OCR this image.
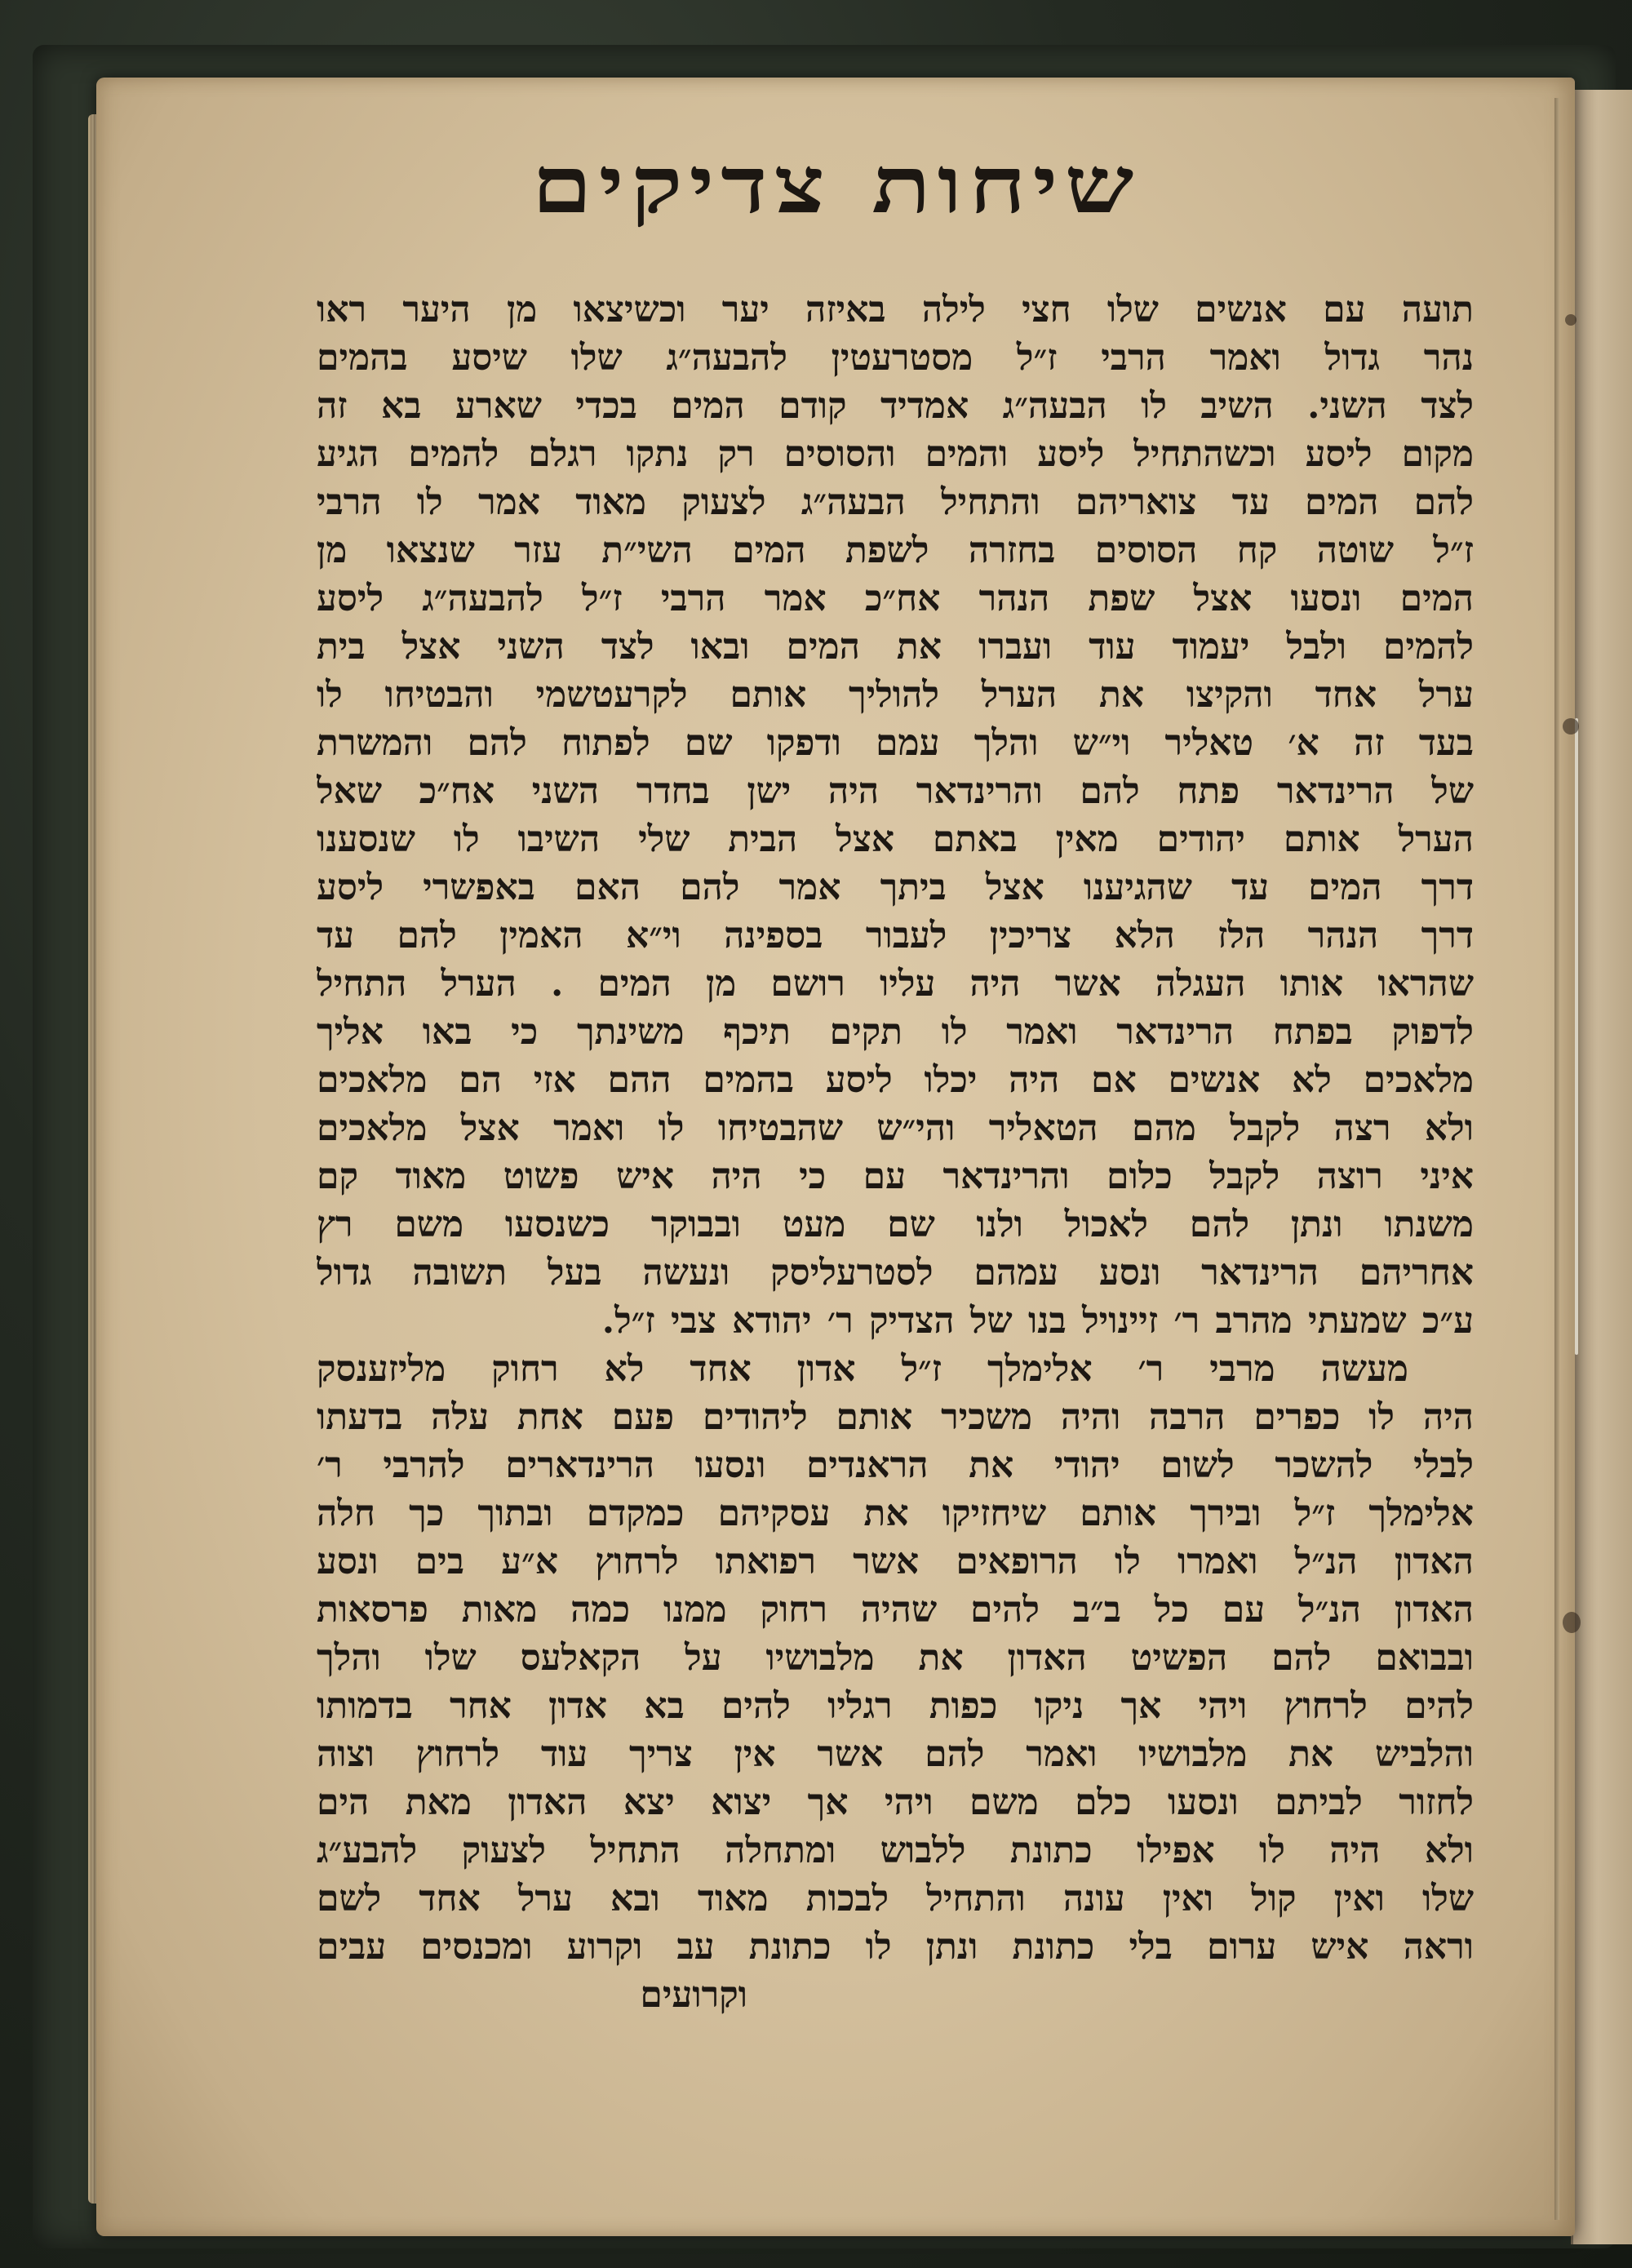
שיחות צדיקים
תועה עם אנשים שלו חצי לילה באיזה יער וכשיצאו מן היער ראו
נהר גדול ואמר הרבי ז״ל מסטרעטין להבעה״ג שלו שיסע בהמים
לצד השני. השיב לו הבעה״ג אמדיד קודם המים בכדי שארע בא זה
מקום ליסע וכשהתחיל ליסע והמים והסוסים רק נתקו רגלם להמים הגיע
להם המים עד צואריהם והתחיל הבעה״ג לצעוק מאוד אמר לו הרבי
ז״ל שוטה קח הסוסים בחזרה לשפת המים השי״ת עזר שנצאו מן
המים ונסעו אצל שפת הנהר אח״כ אמר הרבי ז״ל להבעה״ג ליסע
להמים ולבל יעמוד עוד ועברו את המים ובאו לצד השני אצל בית
ערל אחד והקיצו את הערל להוליך אותם לקרעטשמי והבטיחו לו
בעד זה א׳ טאליר וי״ש והלך עמם ודפקו שם לפתוח להם והמשרת
של הרינדאר פתח להם והרינדאר היה ישן בחדר השני אח״כ שאל
הערל אותם יהודים מאין באתם אצל הבית שלי השיבו לו שנסענו
דרך המים עד שהגיענו אצל ביתך אמר להם האם באפשרי ליסע
דרך הנהר הלז הלא צריכין לעבור בספינה וי״א האמין להם עד
שהראו אותו העגלה אשר היה עליו רושם מן המים . הערל התחיל
לדפוק בפתח הרינדאר ואמר לו תקים תיכף משינתך כי באו אליך
מלאכים לא אנשים אם היה יכלו ליסע בהמים ההם אזי הם מלאכים
ולא רצה לקבל מהם הטאליר והי״ש שהבטיחו לו ואמר אצל מלאכים
איני רוצה לקבל כלום והרינדאר עם כי היה איש פשוט מאוד קם
משנתו ונתן להם לאכול ולנו שם מעט ובבוקר כשנסעו משם רץ
אחריהם הרינדאר ונסע עמהם לסטרעליסק ונעשה בעל תשובה גדול
ע״כ שמעתי מהרב ר׳ זיינויל בנו של הצדיק ר׳ יהודא צבי ז״ל.
מעשה מרבי ר׳ אלימלך ז״ל אדון אחד לא רחוק מליזענסק
היה לו כפרים הרבה והיה משכיר אותם ליהודים פעם אחת עלה בדעתו
לבלי להשכר לשום יהודי את הראנדים ונסעו הרינדארים להרבי ר׳
אלימלך ז״ל ובירך אותם שיחזיקו את עסקיהם כמקדם ובתוך כך חלה
האדון הנ״ל ואמרו לו הרופאים אשר רפואתו לרחוץ א״ע בים ונסע
האדון הנ״ל עם כל ב״ב להים שהיה רחוק ממנו כמה מאות פרסאות
ובבואם להם הפשיט האדון את מלבושיו על הקאלעס שלו והלך
להים לרחוץ ויהי אך ניקו כפות רגליו להים בא אדון אחר בדמותו
והלביש את מלבושיו ואמר להם אשר אין צריך עוד לרחוץ וצוה
לחזור לביתם ונסעו כלם משם ויהי אך יצוא יצא האדון מאת הים
ולא היה לו אפילו כתונת ללבוש ומתחלה התחיל לצעוק להבע״ג
שלו ואין קול ואין עונה והתחיל לבכות מאוד ובא ערל אחד לשם
וראה איש ערום בלי כתונת ונתן לו כתונת עב וקרוע ומכנסים עבים
וקרועים
